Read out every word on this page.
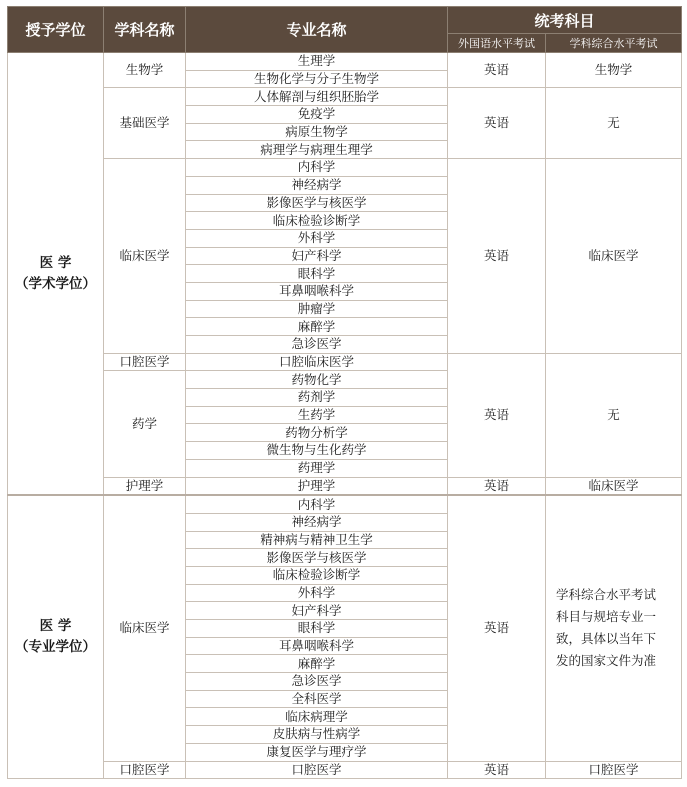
授予学位	学科名称	专业名称	统考科目	
			外国语水平考试	学科综合水平考试
医 学
（学术学位）	生物学	生理学	英语	生物学
		生物化学与分子生物学		
	基础医学	人体解剖与组织胚胎学	英语	无
		免疫学		
		病原生物学		
		病理学与病理生理学		
	临床医学	内科学	英语	临床医学
		神经病学		
		影像医学与核医学		
		临床检验诊断学		
		外科学		
		妇产科学		
		眼科学		
		耳鼻咽喉科学		
		肿瘤学		
		麻醉学		
		急诊医学		
	口腔医学	口腔临床医学	英语	无
	药学	药物化学		
		药剂学		
		生药学		
		药物分析学		
		微生物与生化药学		
		药理学		
	护理学	护理学	英语	临床医学
医 学
（专业学位）	临床医学	内科学	英语	学科综合水平考试
科目与规培专业一
致，具体以当年下
发的国家文件为准
		神经病学		
		精神病与精神卫生学		
		影像医学与核医学		
		临床检验诊断学		
		外科学		
		妇产科学		
		眼科学		
		耳鼻咽喉科学		
		麻醉学		
		急诊医学		
		全科医学		
		临床病理学		
		皮肤病与性病学		
		康复医学与理疗学		
	口腔医学	口腔医学	英语	口腔医学
